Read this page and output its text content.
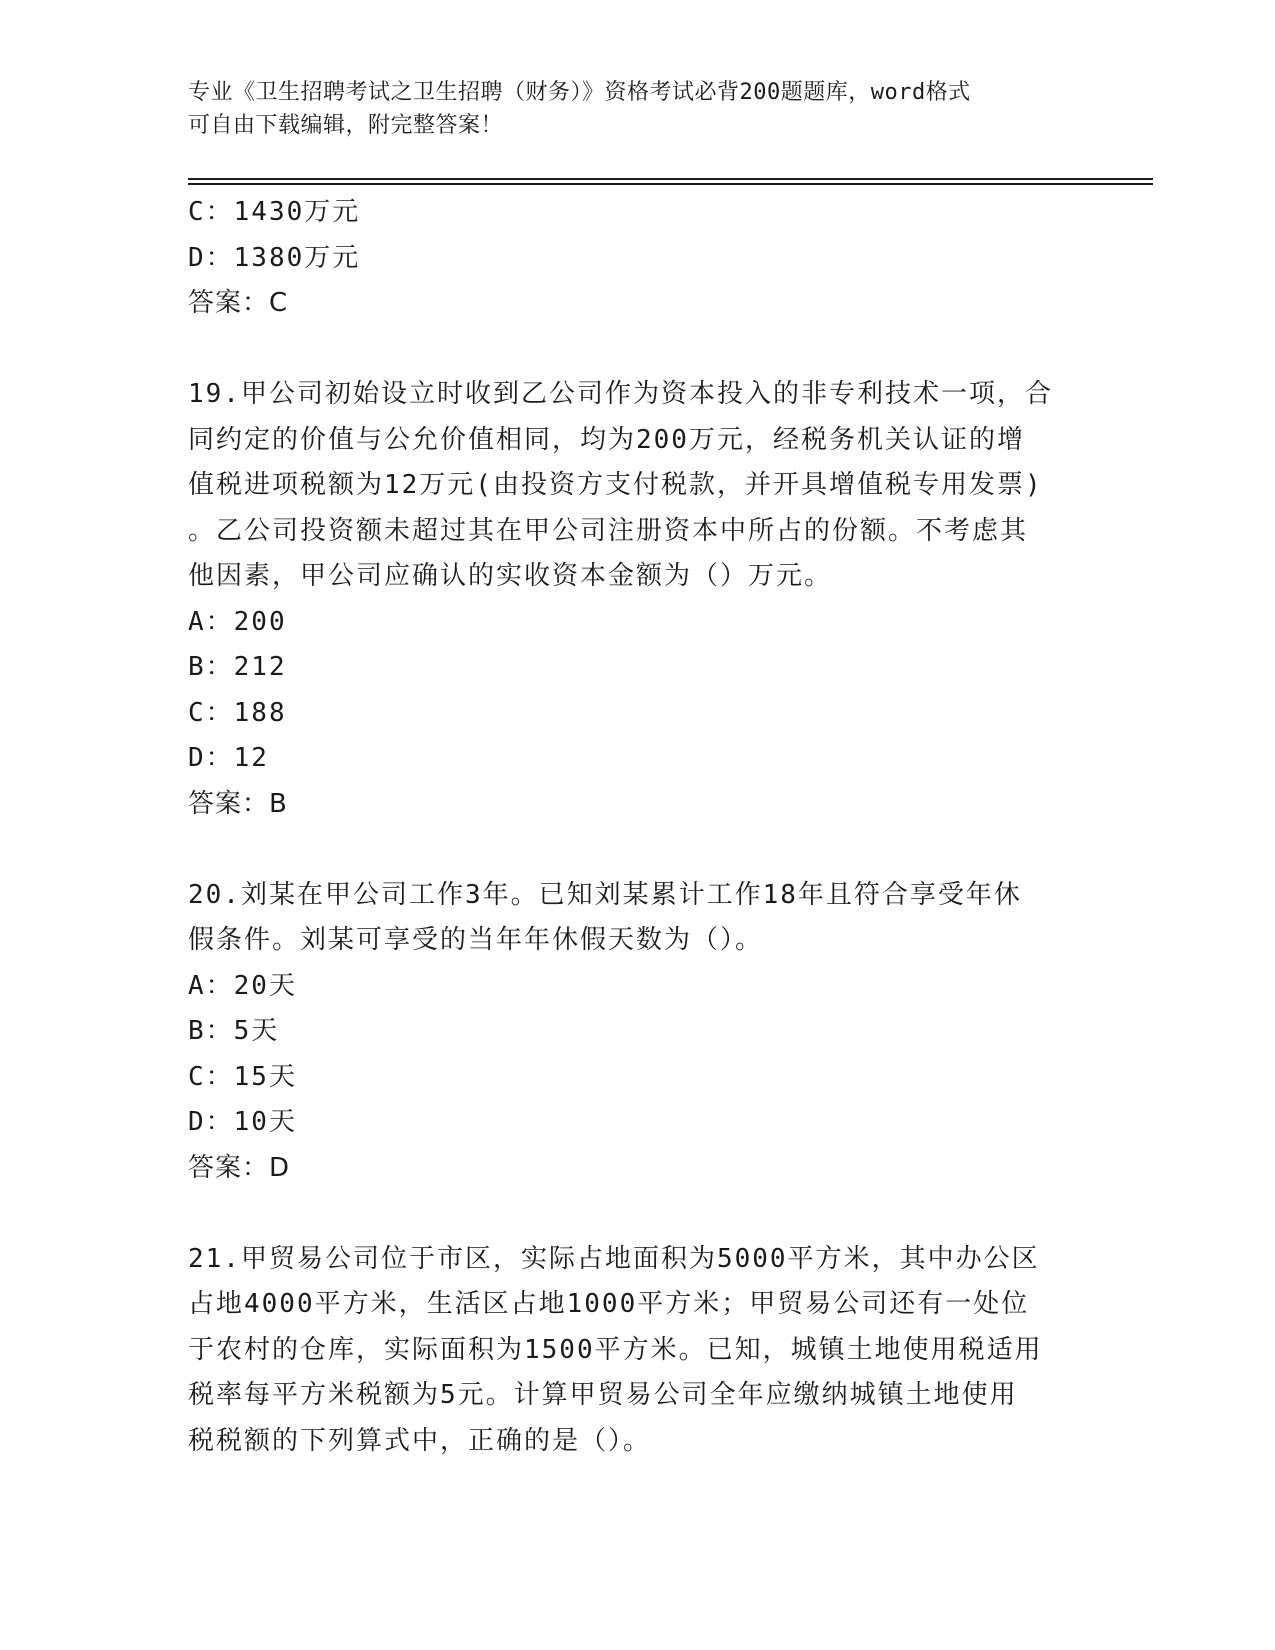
专业《卫生招聘考试之卫生招聘（财务）》资格考试必背200题题库，word格式
可自由下载编辑，附完整答案！
C：1430万元
D：1380万元
答案：C
19.甲公司初始设立时收到乙公司作为资本投入的非专利技术一项，合
同约定的价值与公允价值相同，均为200万元，经税务机关认证的增
值税进项税额为12万元(由投资方支付税款，并开具增值税专用发票)
。乙公司投资额未超过其在甲公司注册资本中所占的份额。不考虑其
他因素，甲公司应确认的实收资本金额为（）万元。
A：200
B：212
C：188
D：12
答案：B
20.刘某在甲公司工作3年。已知刘某累计工作18年且符合享受年休
假条件。刘某可享受的当年年休假天数为（）。
A：20天
B：5天
C：15天
D：10天
答案：D
21.甲贸易公司位于市区，实际占地面积为5000平方米，其中办公区
占地4000平方米，生活区占地1000平方米；甲贸易公司还有一处位
于农村的仓库，实际面积为1500平方米。已知，城镇土地使用税适用
税率每平方米税额为5元。计算甲贸易公司全年应缴纳城镇土地使用
税税额的下列算式中，正确的是（）。
